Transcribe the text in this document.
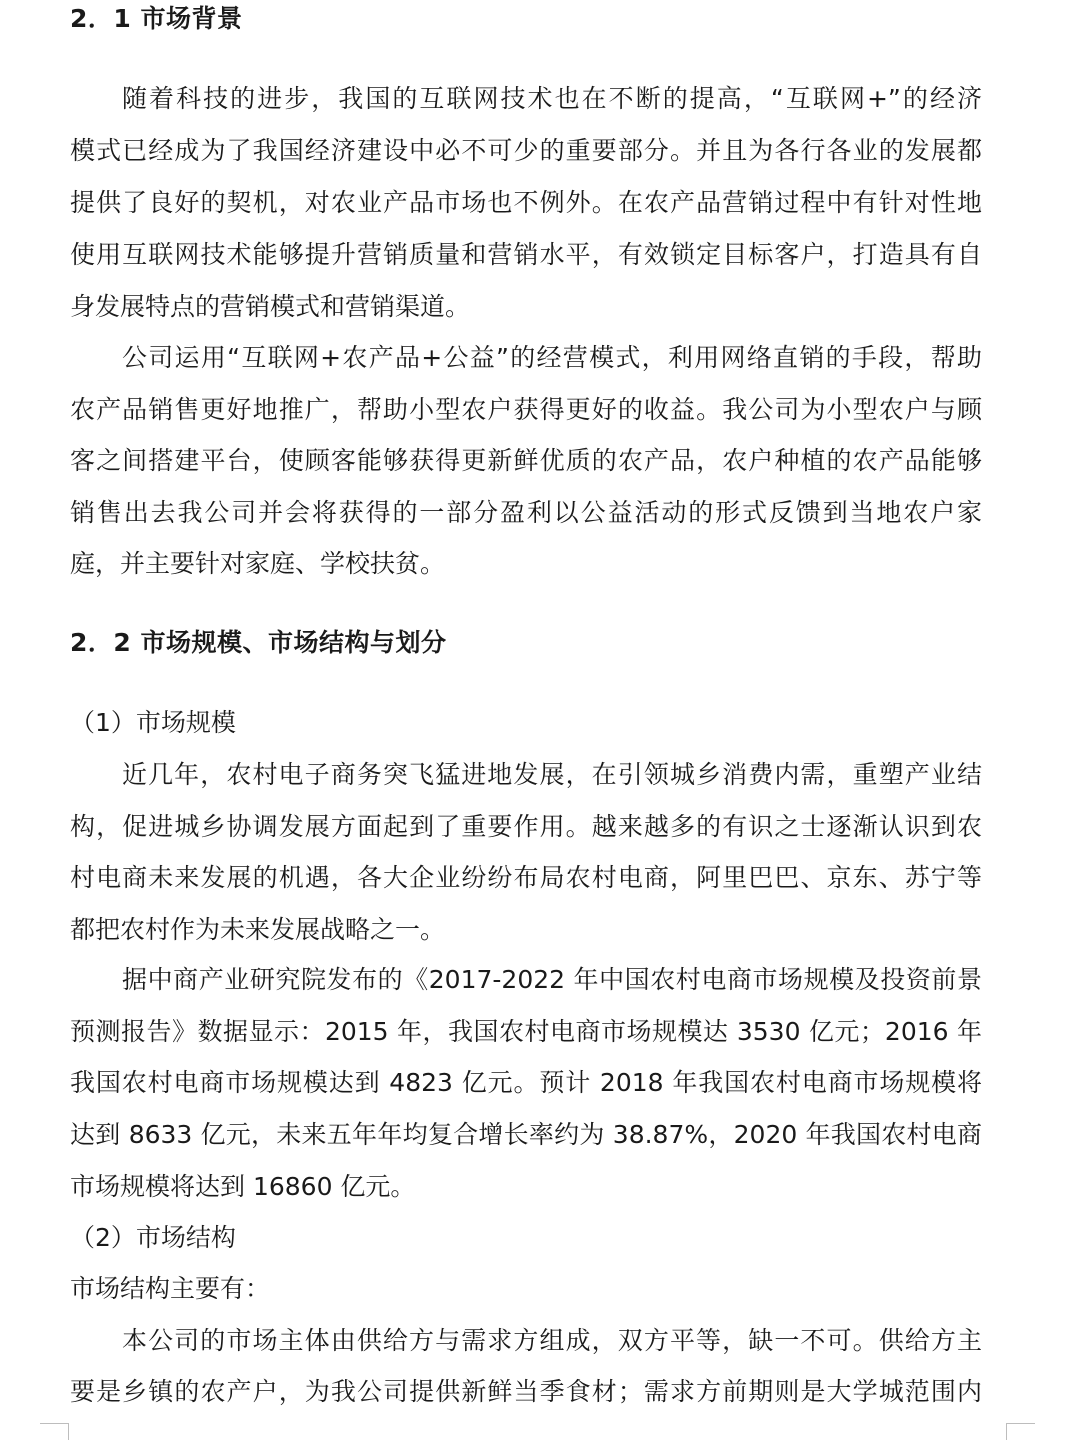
2．1 市场背景
随着科技的进步，我国的互联网技术也在不断的提高，“互联网+”的经济
模式已经成为了我国经济建设中必不可少的重要部分。并且为各行各业的发展都
提供了良好的契机，对农业产品市场也不例外。在农产品营销过程中有针对性地
使用互联网技术能够提升营销质量和营销水平，有效锁定目标客户，打造具有自
身发展特点的营销模式和营销渠道。
公司运用“互联网+农产品+公益”的经营模式，利用网络直销的手段，帮助
农产品销售更好地推广，帮助小型农户获得更好的收益。我公司为小型农户与顾
客之间搭建平台，使顾客能够获得更新鲜优质的农产品，农户种植的农产品能够
销售出去我公司并会将获得的一部分盈利以公益活动的形式反馈到当地农户家
庭，并主要针对家庭、学校扶贫。
2．2 市场规模、市场结构与划分
（1）市场规模
近几年，农村电子商务突飞猛进地发展，在引领城乡消费内需，重塑产业结
构，促进城乡协调发展方面起到了重要作用。越来越多的有识之士逐渐认识到农
村电商未来发展的机遇，各大企业纷纷布局农村电商，阿里巴巴、京东、苏宁等
都把农村作为未来发展战略之一。
据中商产业研究院发布的《2017-2022 年中国农村电商市场规模及投资前景
预测报告》数据显示：2015 年，我国农村电商市场规模达 3530 亿元；2016 年
我国农村电商市场规模达到 4823 亿元。预计 2018 年我国农村电商市场规模将
达到 8633 亿元，未来五年年均复合增长率约为 38.87%，2020 年我国农村电商
市场规模将达到 16860 亿元。
（2）市场结构
市场结构主要有：
本公司的市场主体由供给方与需求方组成，双方平等，缺一不可。供给方主
要是乡镇的农产户，为我公司提供新鲜当季食材；需求方前期则是大学城范围内
